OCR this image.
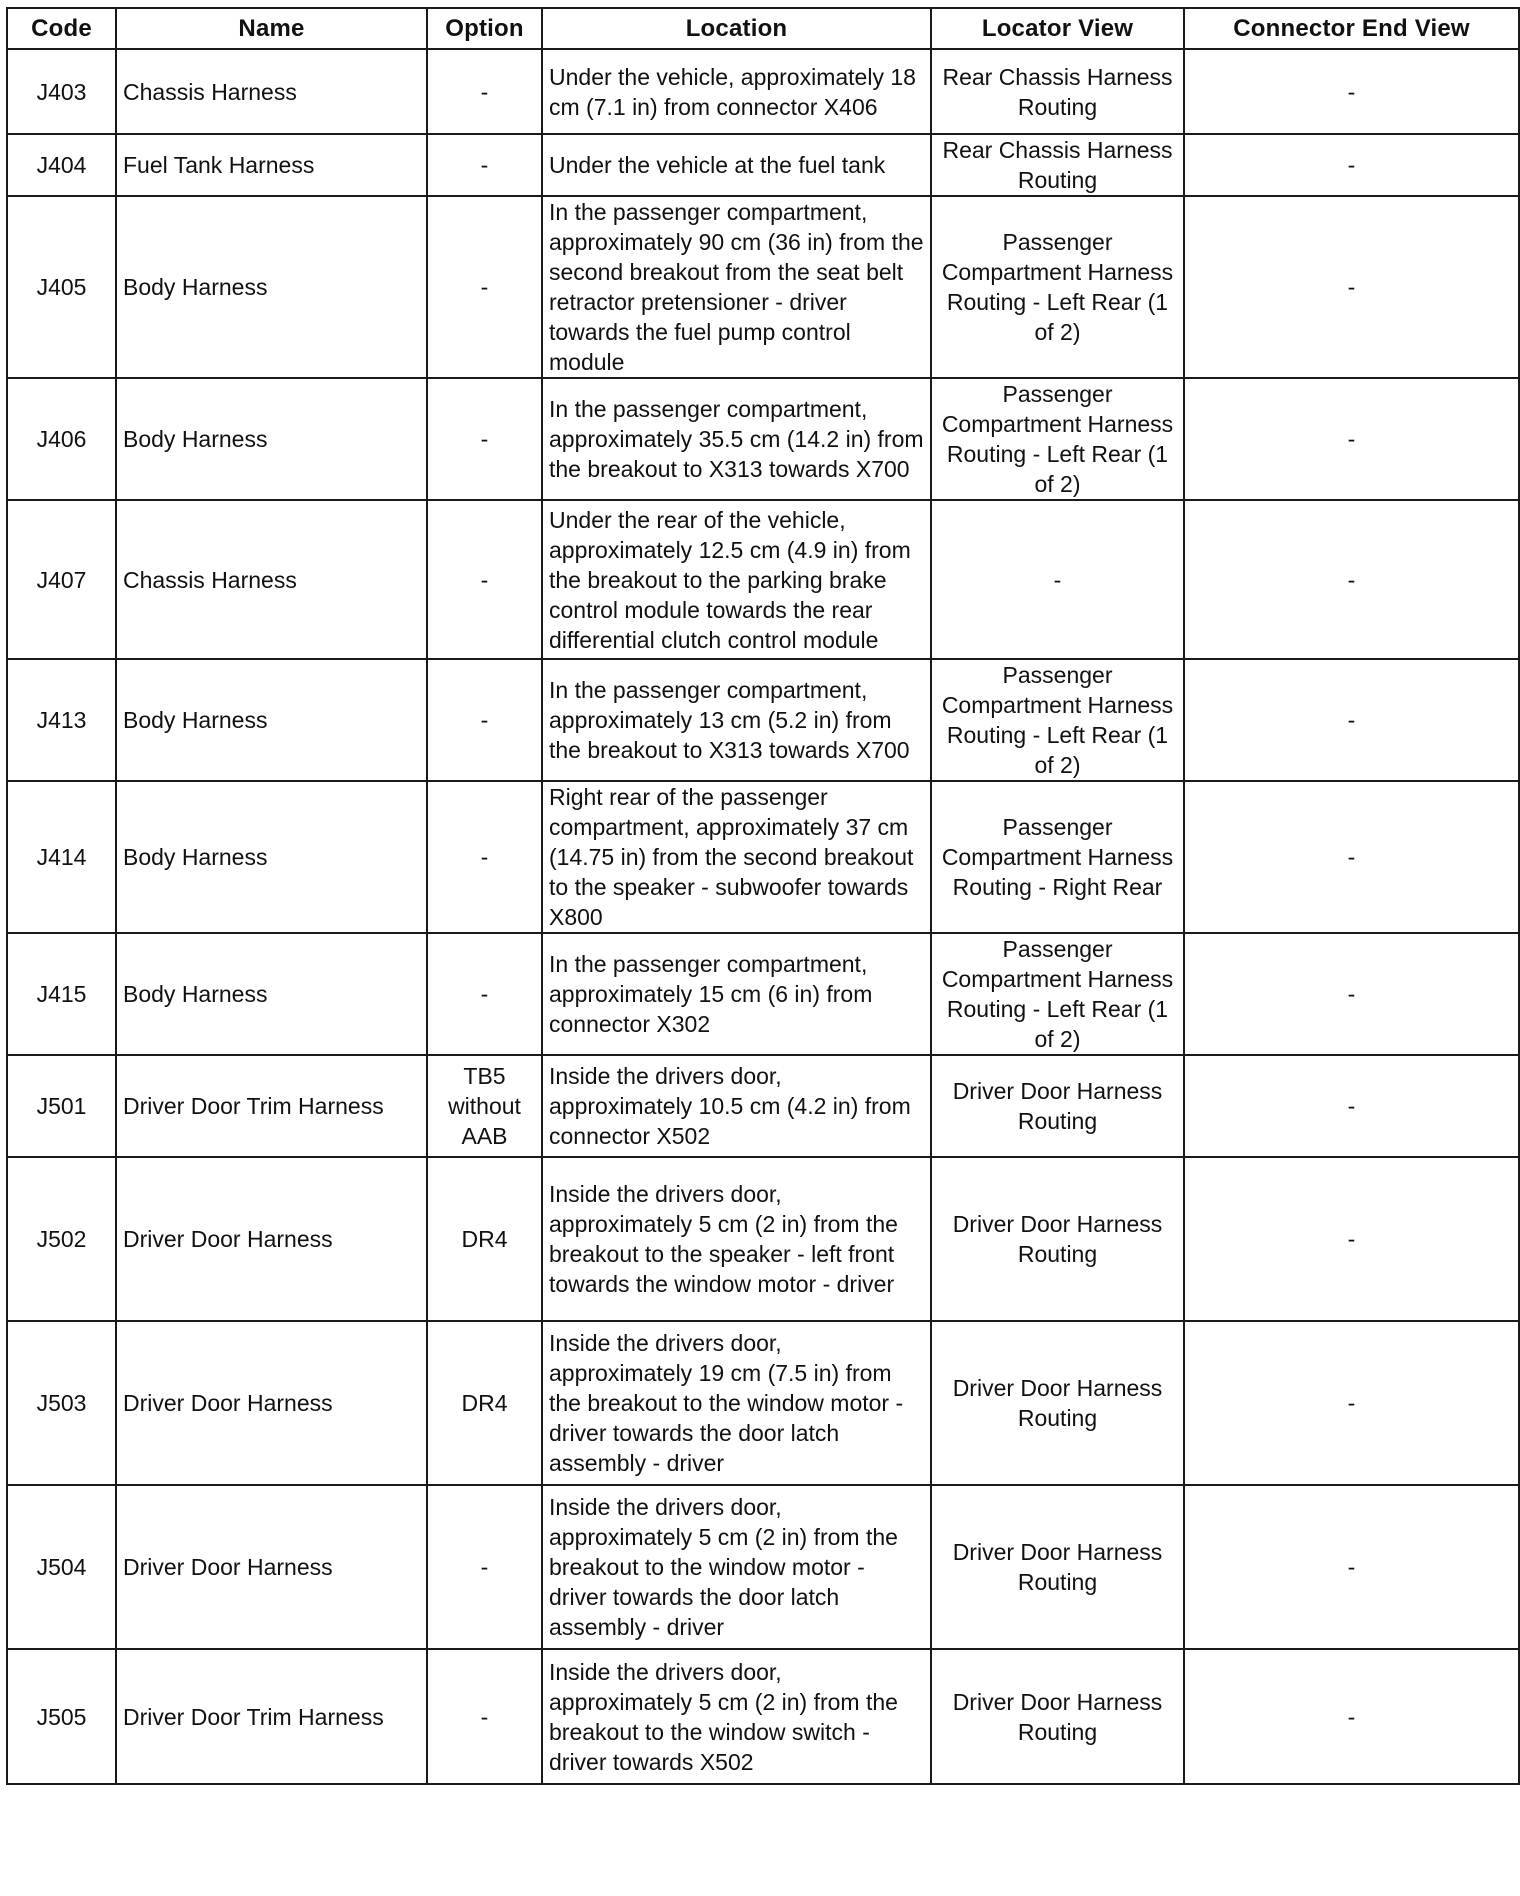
Code	Name	Option	Location	Locator View	Connector End View
J403	Chassis Harness	-	Under the vehicle, approximately 18 cm (7.1 in) from connector X406	Rear Chassis Harness Routing	-
J404	Fuel Tank Harness	-	Under the vehicle at the fuel tank	Rear Chassis Harness Routing	-
J405	Body Harness	-	In the passenger compartment, approximately 90 cm (36 in) from the second breakout from the seat belt retractor pretensioner - driver towards the fuel pump control module	Passenger Compartment Harness Routing - Left Rear (1 of 2)	-
J406	Body Harness	-	In the passenger compartment, approximately 35.5 cm (14.2 in) from the breakout to X313 towards X700	Passenger Compartment Harness Routing - Left Rear (1 of 2)	-
J407	Chassis Harness	-	Under the rear of the vehicle, approximately 12.5 cm (4.9 in) from the breakout to the parking brake control module towards the rear differential clutch control module	-	-
J413	Body Harness	-	In the passenger compartment, approximately 13 cm (5.2 in) from the breakout to X313 towards X700	Passenger Compartment Harness Routing - Left Rear (1 of 2)	-
J414	Body Harness	-	Right rear of the passenger compartment, approximately 37 cm (14.75 in) from the second breakout to the speaker - subwoofer towards X800	Passenger Compartment Harness Routing - Right Rear	-
J415	Body Harness	-	In the passenger compartment, approximately 15 cm (6 in) from connector X302	Passenger Compartment Harness Routing - Left Rear (1 of 2)	-
J501	Driver Door Trim Harness	TB5 without AAB	Inside the drivers door, approximately 10.5 cm (4.2 in) from connector X502	Driver Door Harness Routing	-
J502	Driver Door Harness	DR4	Inside the drivers door, approximately 5 cm (2 in) from the breakout to the speaker - left front towards the window motor - driver	Driver Door Harness Routing	-
J503	Driver Door Harness	DR4	Inside the drivers door, approximately 19 cm (7.5 in) from the breakout to the window motor - driver towards the door latch assembly - driver	Driver Door Harness Routing	-
J504	Driver Door Harness	-	Inside the drivers door, approximately 5 cm (2 in) from the breakout to the window motor - driver towards the door latch assembly - driver	Driver Door Harness Routing	-
J505	Driver Door Trim Harness	-	Inside the drivers door, approximately 5 cm (2 in) from the breakout to the window switch - driver towards X502	Driver Door Harness Routing	-
